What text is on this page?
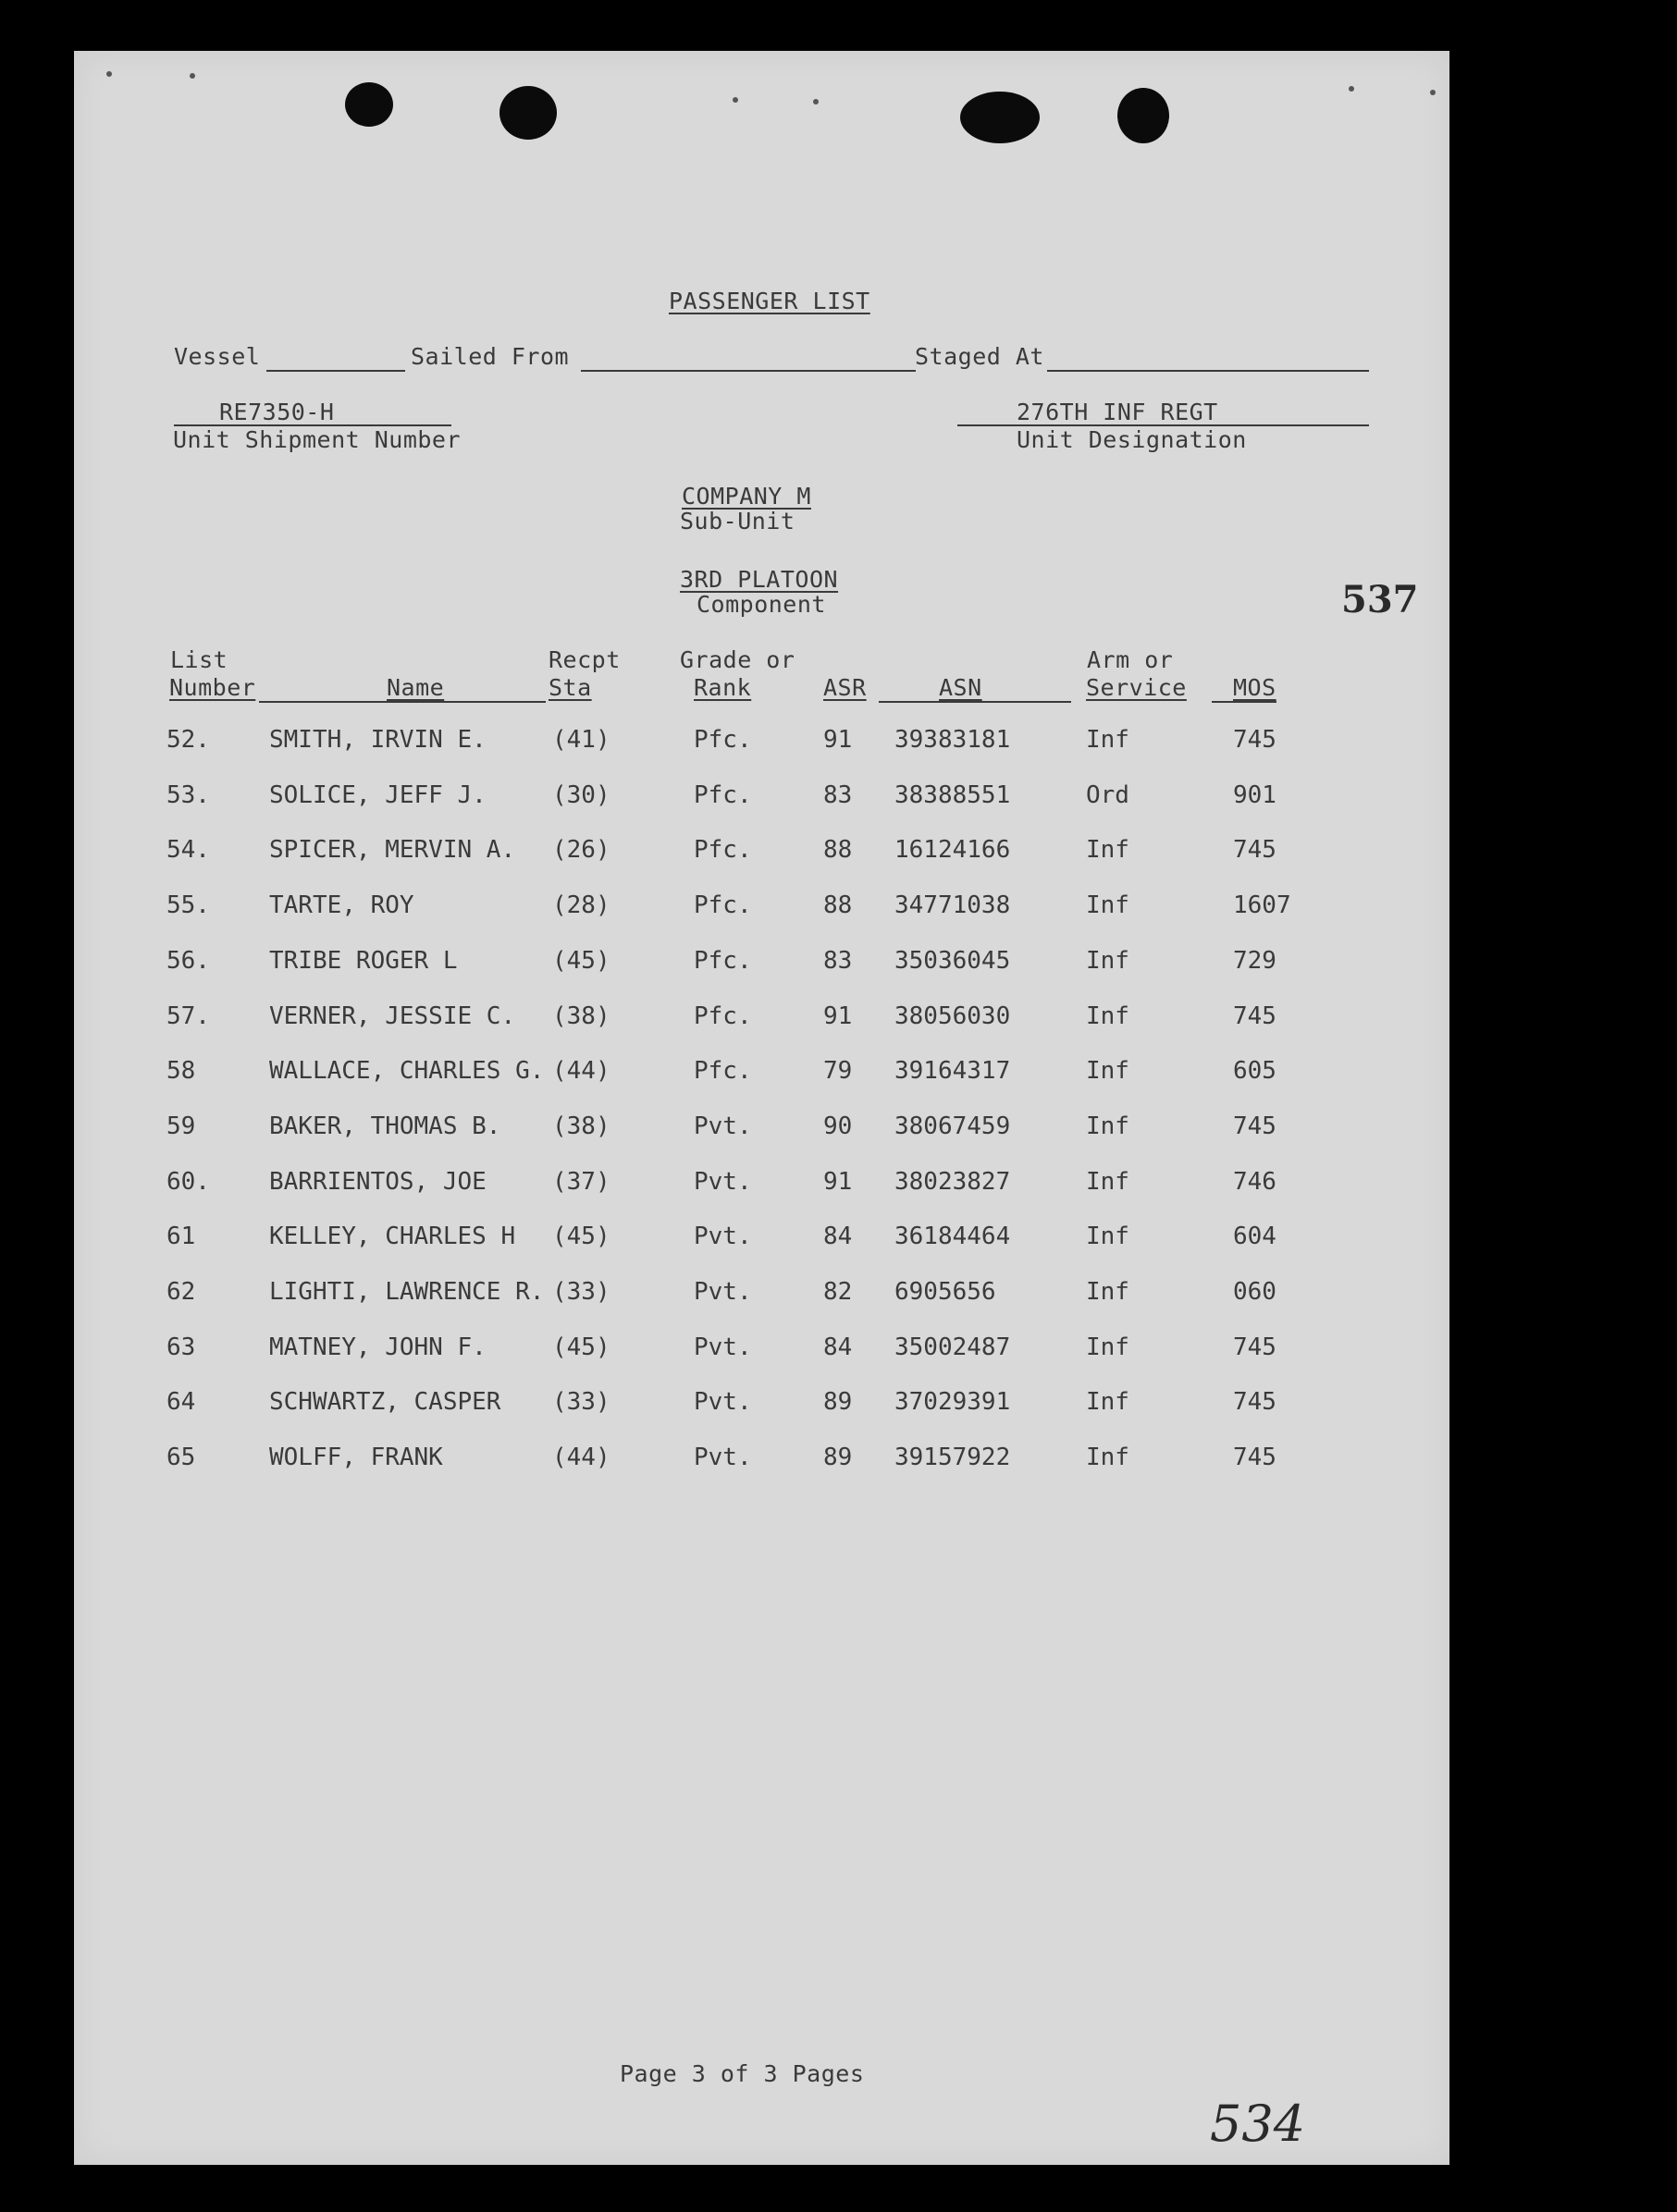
PASSENGER LIST
Vessel	Sailed From	Staged At
RE7350-H
Unit Shipment Number
276TH INF REGT
Unit Designation
COMPANY M
Sub-Unit
3RD PLATOON
Component	537
List
Number	Name
Recpt
Sta
Grade or
Rank	ASR	ASN
Arm or
Service MOS
52. SMITH, IRVIN E.	(41)	Pfc.	91 39383181	Inf	745
53. SOLICE, JEFF J.	(30)	Pfc.	83 38388551	Ord	901
54. SPICER, MERVIN A. (26)	Pfc.	88 16124166	Inf	745
55. TARTE, ROY	(28)	Pfc.	88 34771038	Inf	1607
56. TRIBE ROGER L	(45)	Pfc.	83 35036045	Inf	729
57. VERNER, JESSIE C. (38)	Pfc.	91 38056030	Inf	745
58	WALLACE, CHARLES G. (44)	Pfc.	79 39164317	Inf	605
59	BAKER, THOMAS B. (38)	Pvt.	90 38067459	Inf	745
60. BARRIENTOS, JOE	(37)	Pvt.	91 38023827	Inf	746
61	KELLEY, CHARLES H (45)	Pvt.	84 36184464	Inf	604
62	LIGHTI, LAWRENCE R. (33)	Pvt.	82 6905656	Inf	060
63	MATNEY, JOHN F.	(45)	Pvt.	84 35002487	Inf	745
64	SCHWARTZ, CASPER (33)	Pvt.	89 37029391	Inf	745
65	WOLFF, FRANK	(44)	Pvt.	89 39157922	Inf	745
Page 3 of 3 Pages
534
